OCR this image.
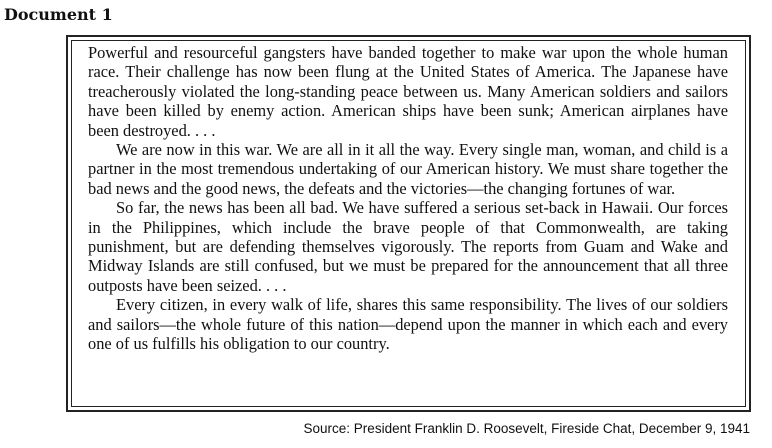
Document 1

Powerful and resourceful gangsters have banded together to make war upon the whole human race. Their challenge has now been flung at the United States of America. The Japanese have treacherously violated the long-standing peace between us. Many American soldiers and sailors have been killed by enemy action. American ships have been sunk; American airplanes have been destroyed. . . .

We are now in this war. We are all in it all the way. Every single man, woman, and child is a partner in the most tremendous undertaking of our American history. We must share together the bad news and the good news, the defeats and the victories—the changing fortunes of war.

So far, the news has been all bad. We have suffered a serious set-back in Hawaii. Our forces in the Philippines, which include the brave people of that Commonwealth, are taking punishment, but are defending themselves vigorously. The reports from Guam and Wake and Midway Islands are still confused, but we must be prepared for the announcement that all three outposts have been seized. . . .

Every citizen, in every walk of life, shares this same responsibility. The lives of our soldiers and sailors—the whole future of this nation—depend upon the manner in which each and every one of us fulfills his obligation to our country.

Source: President Franklin D. Roosevelt, Fireside Chat, December 9, 1941
